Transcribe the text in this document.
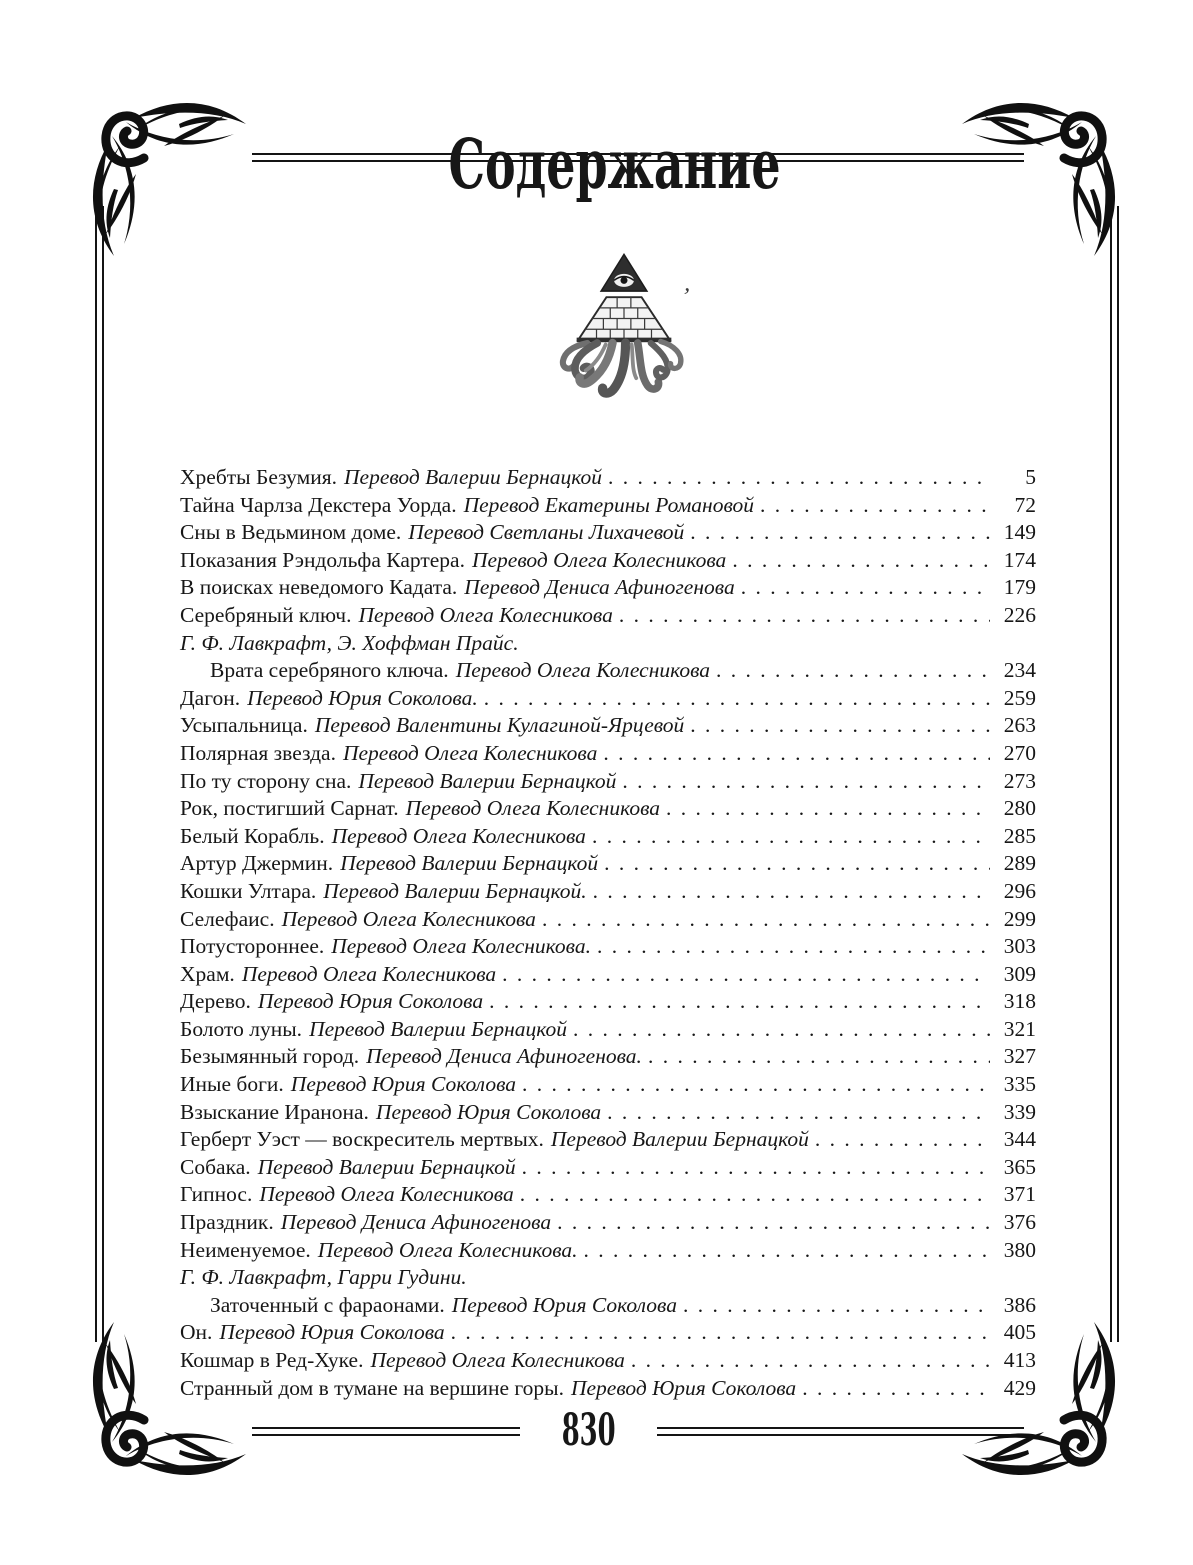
Содержание
’
Хребты Безумия. Перевод Валерии Бернацкой . . .	5
Тайна Чарлза Декстера Уорда. Перевод Екатерины Романовой . . .	72
Сны в Ведьмином доме. Перевод Светланы Лихачевой . . .	149
Показания Рэндольфа Картера. Перевод Олега Колесникова . . .	174
В поисках неведомого Кадата. Перевод Дениса Афиногенова . . .	179
Серебряный ключ. Перевод Олега Колесникова . . .	226
Г. Ф. Лавкрафт, Э. Хоффман Прайс.
Врата серебряного ключа. Перевод Олега Колесникова . . .	234
Дагон. Перевод Юрия Соколова. . . .	259
Усыпальница. Перевод Валентины Кулагиной-Ярцевой . . .	263
Полярная звезда. Перевод Олега Колесникова . . .	270
По ту сторону сна. Перевод Валерии Бернацкой . . .	273
Рок, постигший Сарнат. Перевод Олега Колесникова . . .	280
Белый Корабль. Перевод Олега Колесникова . . .	285
Артур Джермин. Перевод Валерии Бернацкой . . .	289
Кошки Ултара. Перевод Валерии Бернацкой. . . .	296
Селефаис. Перевод Олега Колесникова . . .	299
Потустороннее. Перевод Олега Колесникова. . . .	303
Храм. Перевод Олега Колесникова . . .	309
Дерево. Перевод Юрия Соколова . . .	318
Болото луны. Перевод Валерии Бернацкой . . .	321
Безымянный город. Перевод Дениса Афиногенова. . . .	327
Иные боги. Перевод Юрия Соколова . . .	335
Взыскание Иранона. Перевод Юрия Соколова . . .	339
Герберт Уэст — воскреситель мертвых. Перевод Валерии Бернацкой . . .	344
Собака. Перевод Валерии Бернацкой . . .	365
Гипнос. Перевод Олега Колесникова . . .	371
Праздник. Перевод Дениса Афиногенова . . .	376
Неименуемое. Перевод Олега Колесникова. . . .	380
Г. Ф. Лавкрафт, Гарри Гудини.
Заточенный с фараонами. Перевод Юрия Соколова . . .	386
Он. Перевод Юрия Соколова . . .	405
Кошмар в Ред-Хуке. Перевод Олега Колесникова . . .	413
Странный дом в тумане на вершине горы. Перевод Юрия Соколова . . .	429
830
